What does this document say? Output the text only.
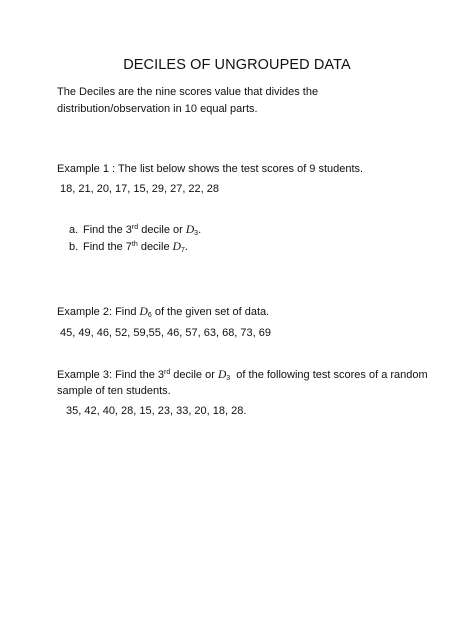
DECILES OF UNGROUPED DATA
The Deciles are the nine scores value that divides the distribution/observation in 10 equal parts.
Example 1 : The list below shows the test scores of 9 students.
18, 21, 20, 17, 15, 29, 27, 22, 28
a. Find the 3rd decile or $D_3$.
b. Find the 7th decile $D_7$.
Example 2: Find $D_6$ of the given set of data.
45, 49, 46, 52, 59,55, 46, 57, 63, 68, 73, 69
Example 3: Find the 3rd decile or $D_3$  of the following test scores of a random
sample of ten students.
35, 42, 40, 28, 15, 23, 33, 20, 18, 28.
